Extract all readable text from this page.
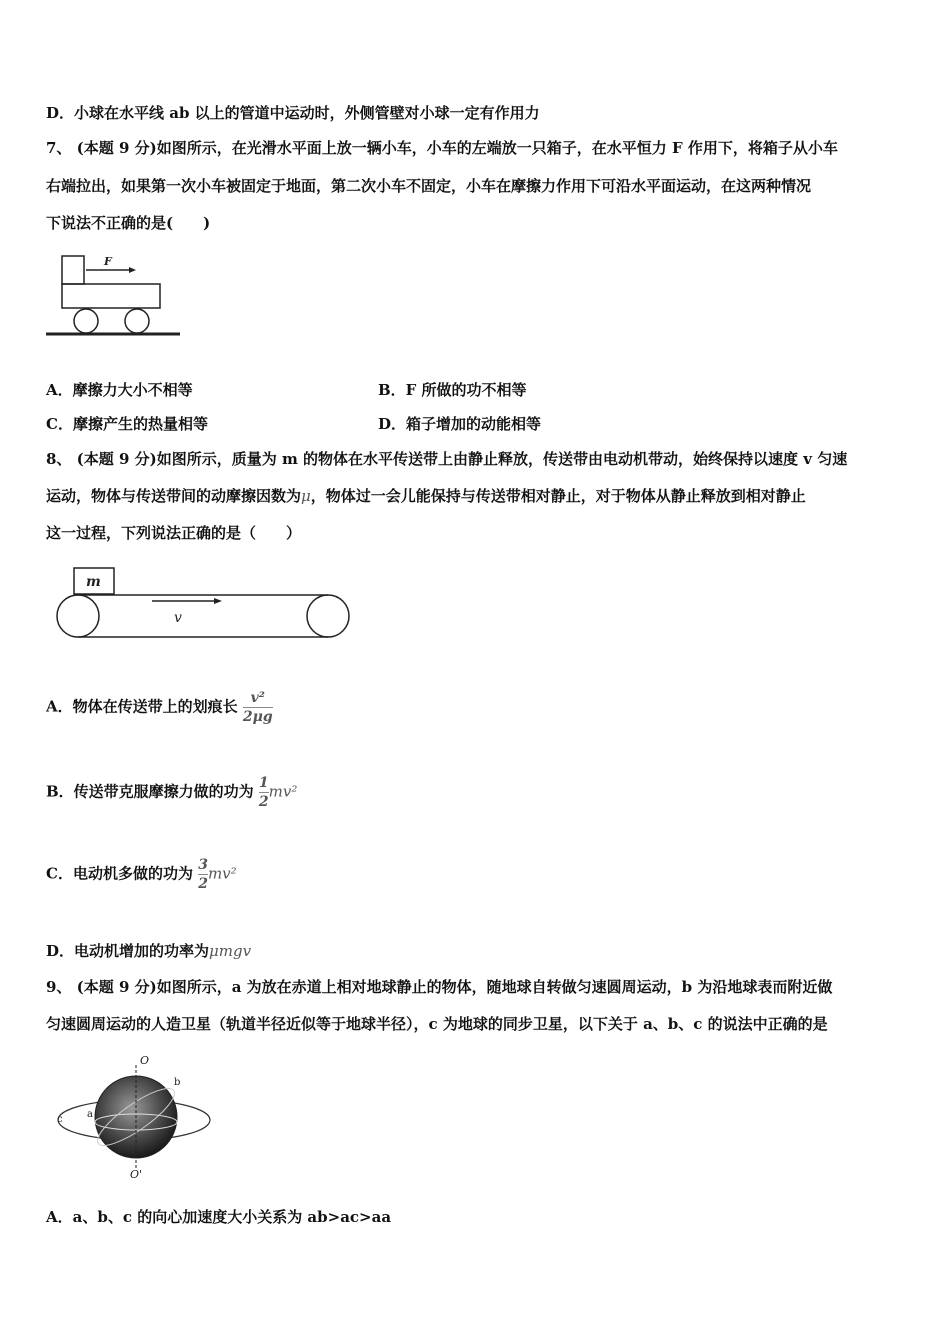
D．小球在水平线 ab 以上的管道中运动时，外侧管壁对小球一定有作用力
7、 (本题 9 分)如图所示，在光滑水平面上放一辆小车，小车的左端放一只箱子，在水平恒力 F 作用下，将箱子从小车
右端拉出，如果第一次小车被固定于地面，第二次小车不固定，小车在摩擦力作用下可沿水平面运动，在这两种情况
下说法不正确的是(　　)
F
A．摩擦力大小不相等	B．F 所做的功不相等
C．摩擦产生的热量相等	D．箱子增加的动能相等
8、 (本题 9 分)如图所示，质量为 m 的物体在水平传送带上由静止释放，传送带由电动机带动，始终保持以速度 v 匀速
运动，物体与传送带间的动摩擦因数为μ，物体过一会儿能保持与传送带相对静止，对于物体从静止释放到相对静止
这一过程，下列说法正确的是（　　）
m
v
A．物体在传送带上的划痕长 $\frac{\text{v²}}{2\mu g}$
B．传送带克服摩擦力做的功为 $\frac{1}{2} mv^2$
C．电动机多做的功为 $\frac{3}{2} mv^2$
D．电动机增加的功率为μmgv
9、 (本题 9 分)如图所示，a 为放在赤道上相对地球静止的物体，随地球自转做匀速圆周运动，b 为沿地球表而附近做
匀速圆周运动的人造卫星（轨道半径近似等于地球半径），c 为地球的同步卫星，以下关于 a、b、c 的说法中正确的是
O
O'
a
b
c
A．a、b、c 的向心加速度大小关系为 ab>ac>aa
